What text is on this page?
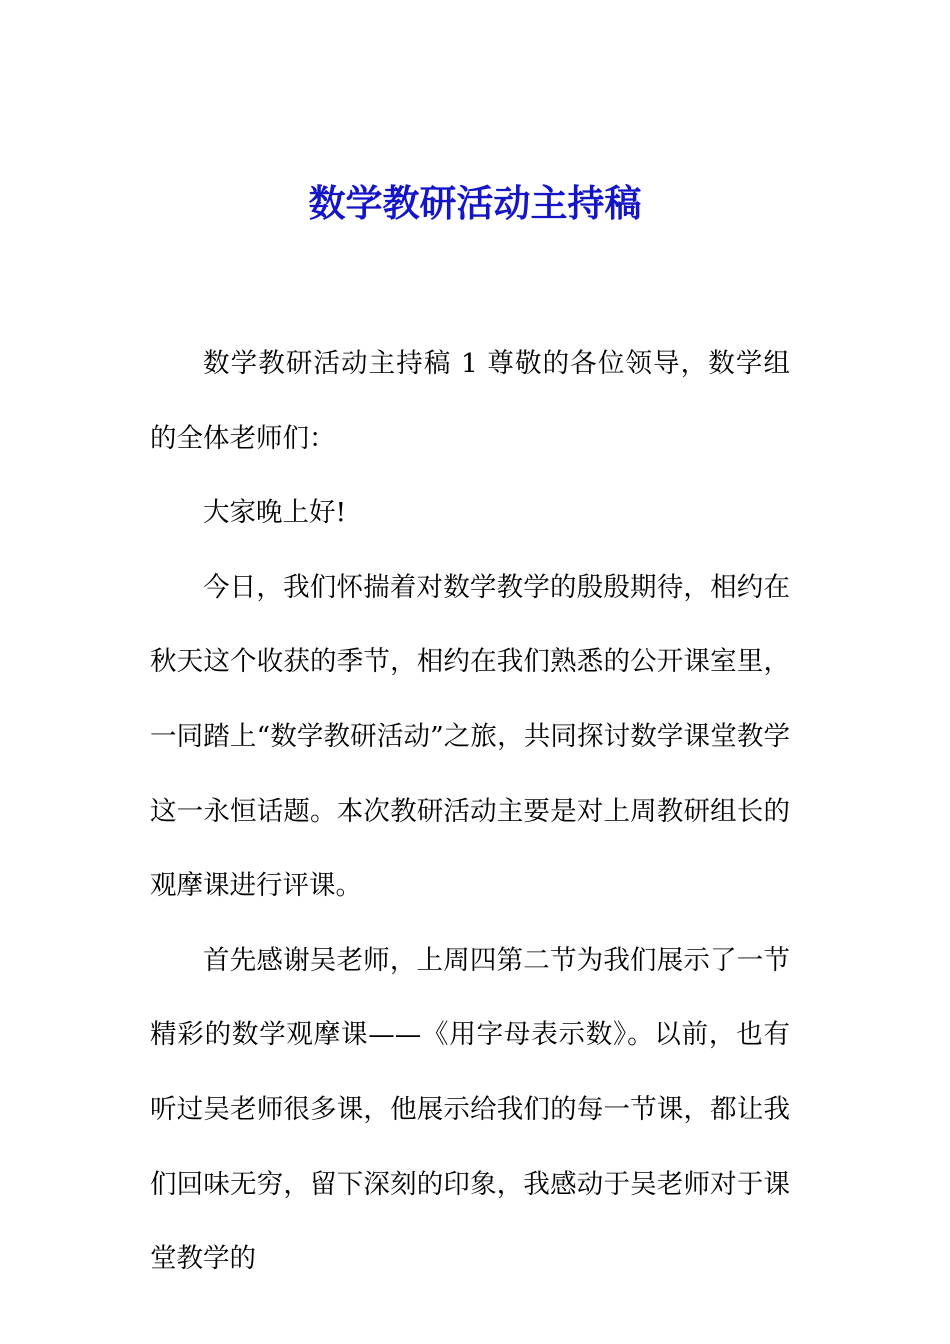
数学教研活动主持稿

数学教研活动主持稿 1 尊敬的各位领导，数学组的全体老师们：

大家晚上好!

今日，我们怀揣着对数学教学的殷殷期待，相约在秋天这个收获的季节，相约在我们熟悉的公开课室里，一同踏上“数学教研活动”之旅，共同探讨数学课堂教学这一永恒话题。本次教研活动主要是对上周教研组长的观摩课进行评课。

首先感谢吴老师，上周四第二节为我们展示了一节精彩的数学观摩课——《用字母表示数》。以前，也有听过吴老师很多课，他展示给我们的每一节课，都让我们回味无穷，留下深刻的印象，我感动于吴老师对于课堂教学的
